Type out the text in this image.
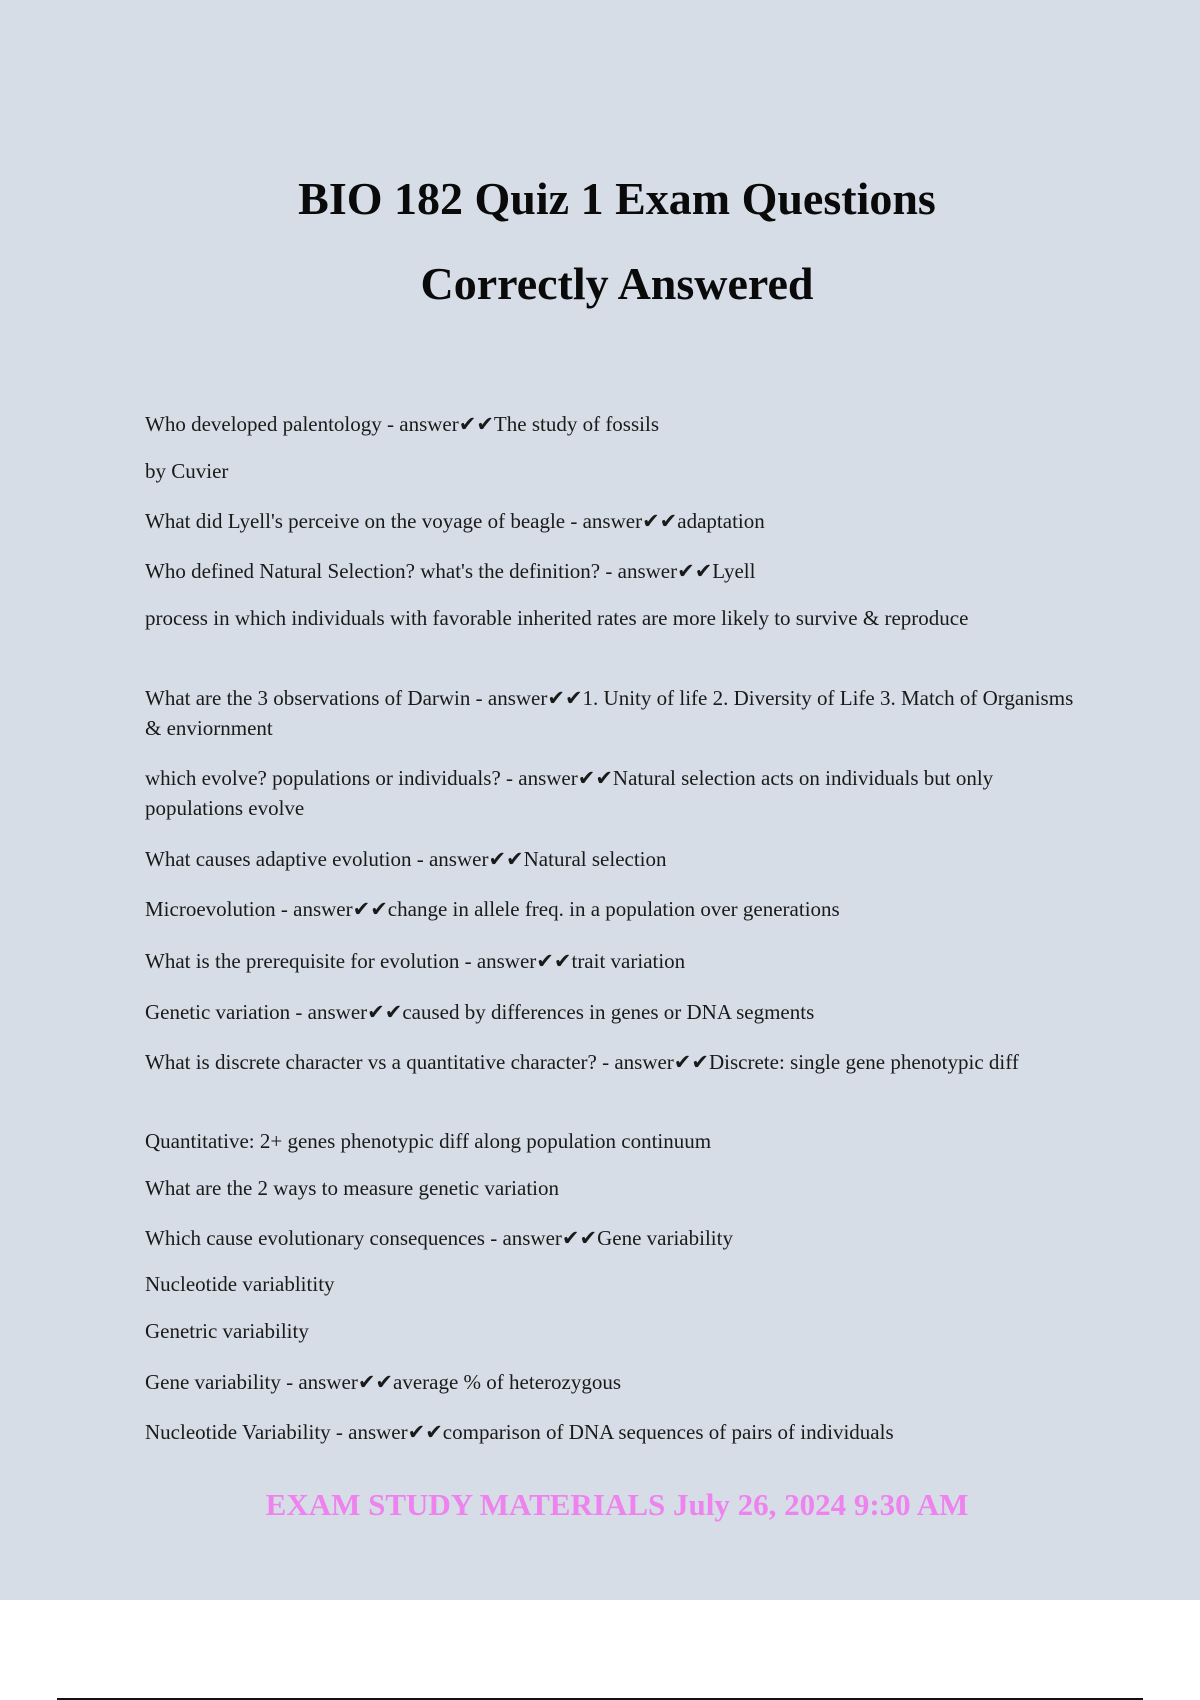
BIO 182 Quiz 1 Exam Questions
Correctly Answered

Who developed palentology - answer✔✔The study of fossils

by Cuvier

What did Lyell's perceive on the voyage of beagle - answer✔✔adaptation

Who defined Natural Selection? what's the definition? - answer✔✔Lyell

process in which individuals with favorable inherited rates are more likely to survive & reproduce

What are the 3 observations of Darwin - answer✔✔1. Unity of life 2. Diversity of Life 3. Match of Organisms & enviornment

which evolve? populations or individuals? - answer✔✔Natural selection acts on individuals but only populations evolve

What causes adaptive evolution - answer✔✔Natural selection

Microevolution - answer✔✔change in allele freq. in a population over generations

What is the prerequisite for evolution - answer✔✔trait variation

Genetic variation - answer✔✔caused by differences in genes or DNA segments

What is discrete character vs a quantitative character? - answer✔✔Discrete: single gene phenotypic diff

Quantitative: 2+ genes phenotypic diff along population continuum

What are the 2 ways to measure genetic variation

Which cause evolutionary consequences - answer✔✔Gene variability

Nucleotide variablitity

Genetric variability

Gene variability - answer✔✔average % of heterozygous

Nucleotide Variability - answer✔✔comparison of DNA sequences of pairs of individuals

EXAM STUDY MATERIALS July 26, 2024 9:30 AM
